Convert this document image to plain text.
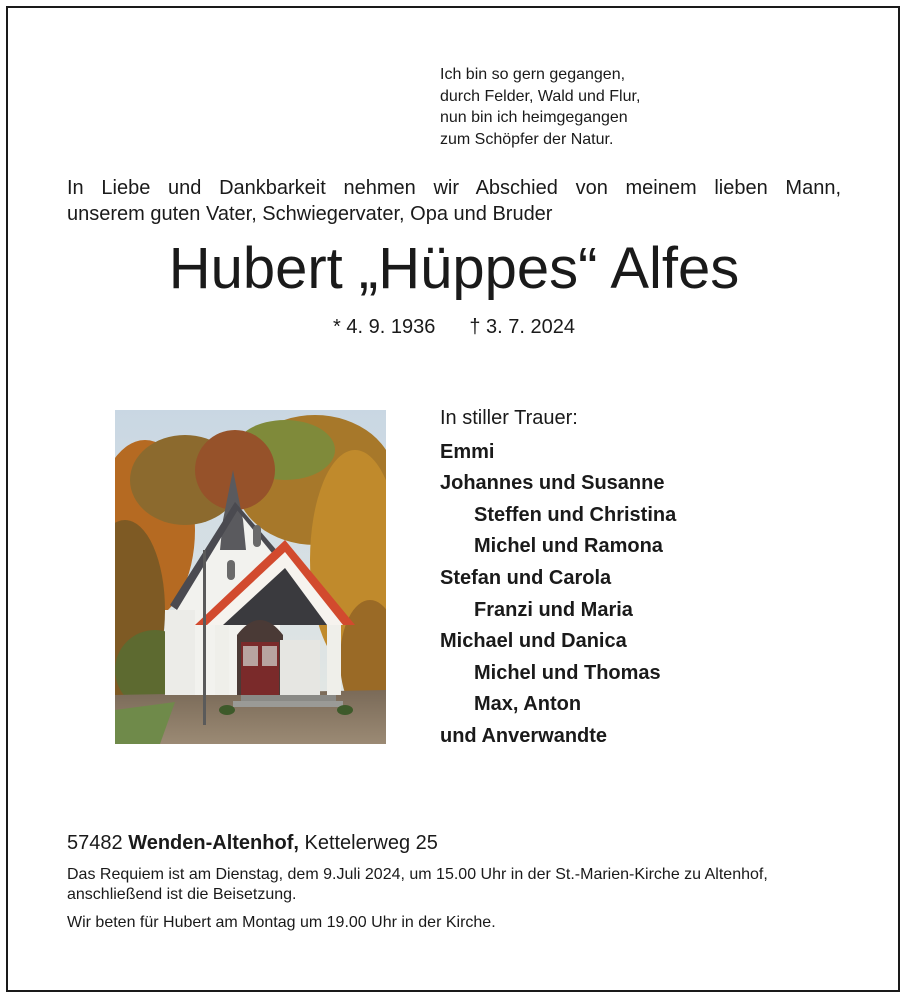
Ich bin so gern gegangen,
durch Felder, Wald und Flur,
nun bin ich heimgegangen
zum Schöpfer der Natur.
In Liebe und Dankbarkeit nehmen wir Abschied von meinem lieben Mann,
unserem guten Vater, Schwiegervater, Opa und Bruder
Hubert „Hüppes“ Alfes
* 4. 9. 1936 † 3. 7. 2024
In stiller Trauer:
Emmi
Johannes und Susanne
Steffen und Christina
Michel und Ramona
Stefan und Carola
Franzi und Maria
Michael und Danica
Michel und Thomas
Max, Anton
und Anverwandte
57482 Wenden-Altenhof, Kettelerweg 25

Das Requiem ist am Dienstag, dem 9.Juli 2024, um 15.00 Uhr in der St.-Marien-Kirche zu Altenhof, anschließend ist die Beisetzung.

Wir beten für Hubert am Montag um 19.00 Uhr in der Kirche.
